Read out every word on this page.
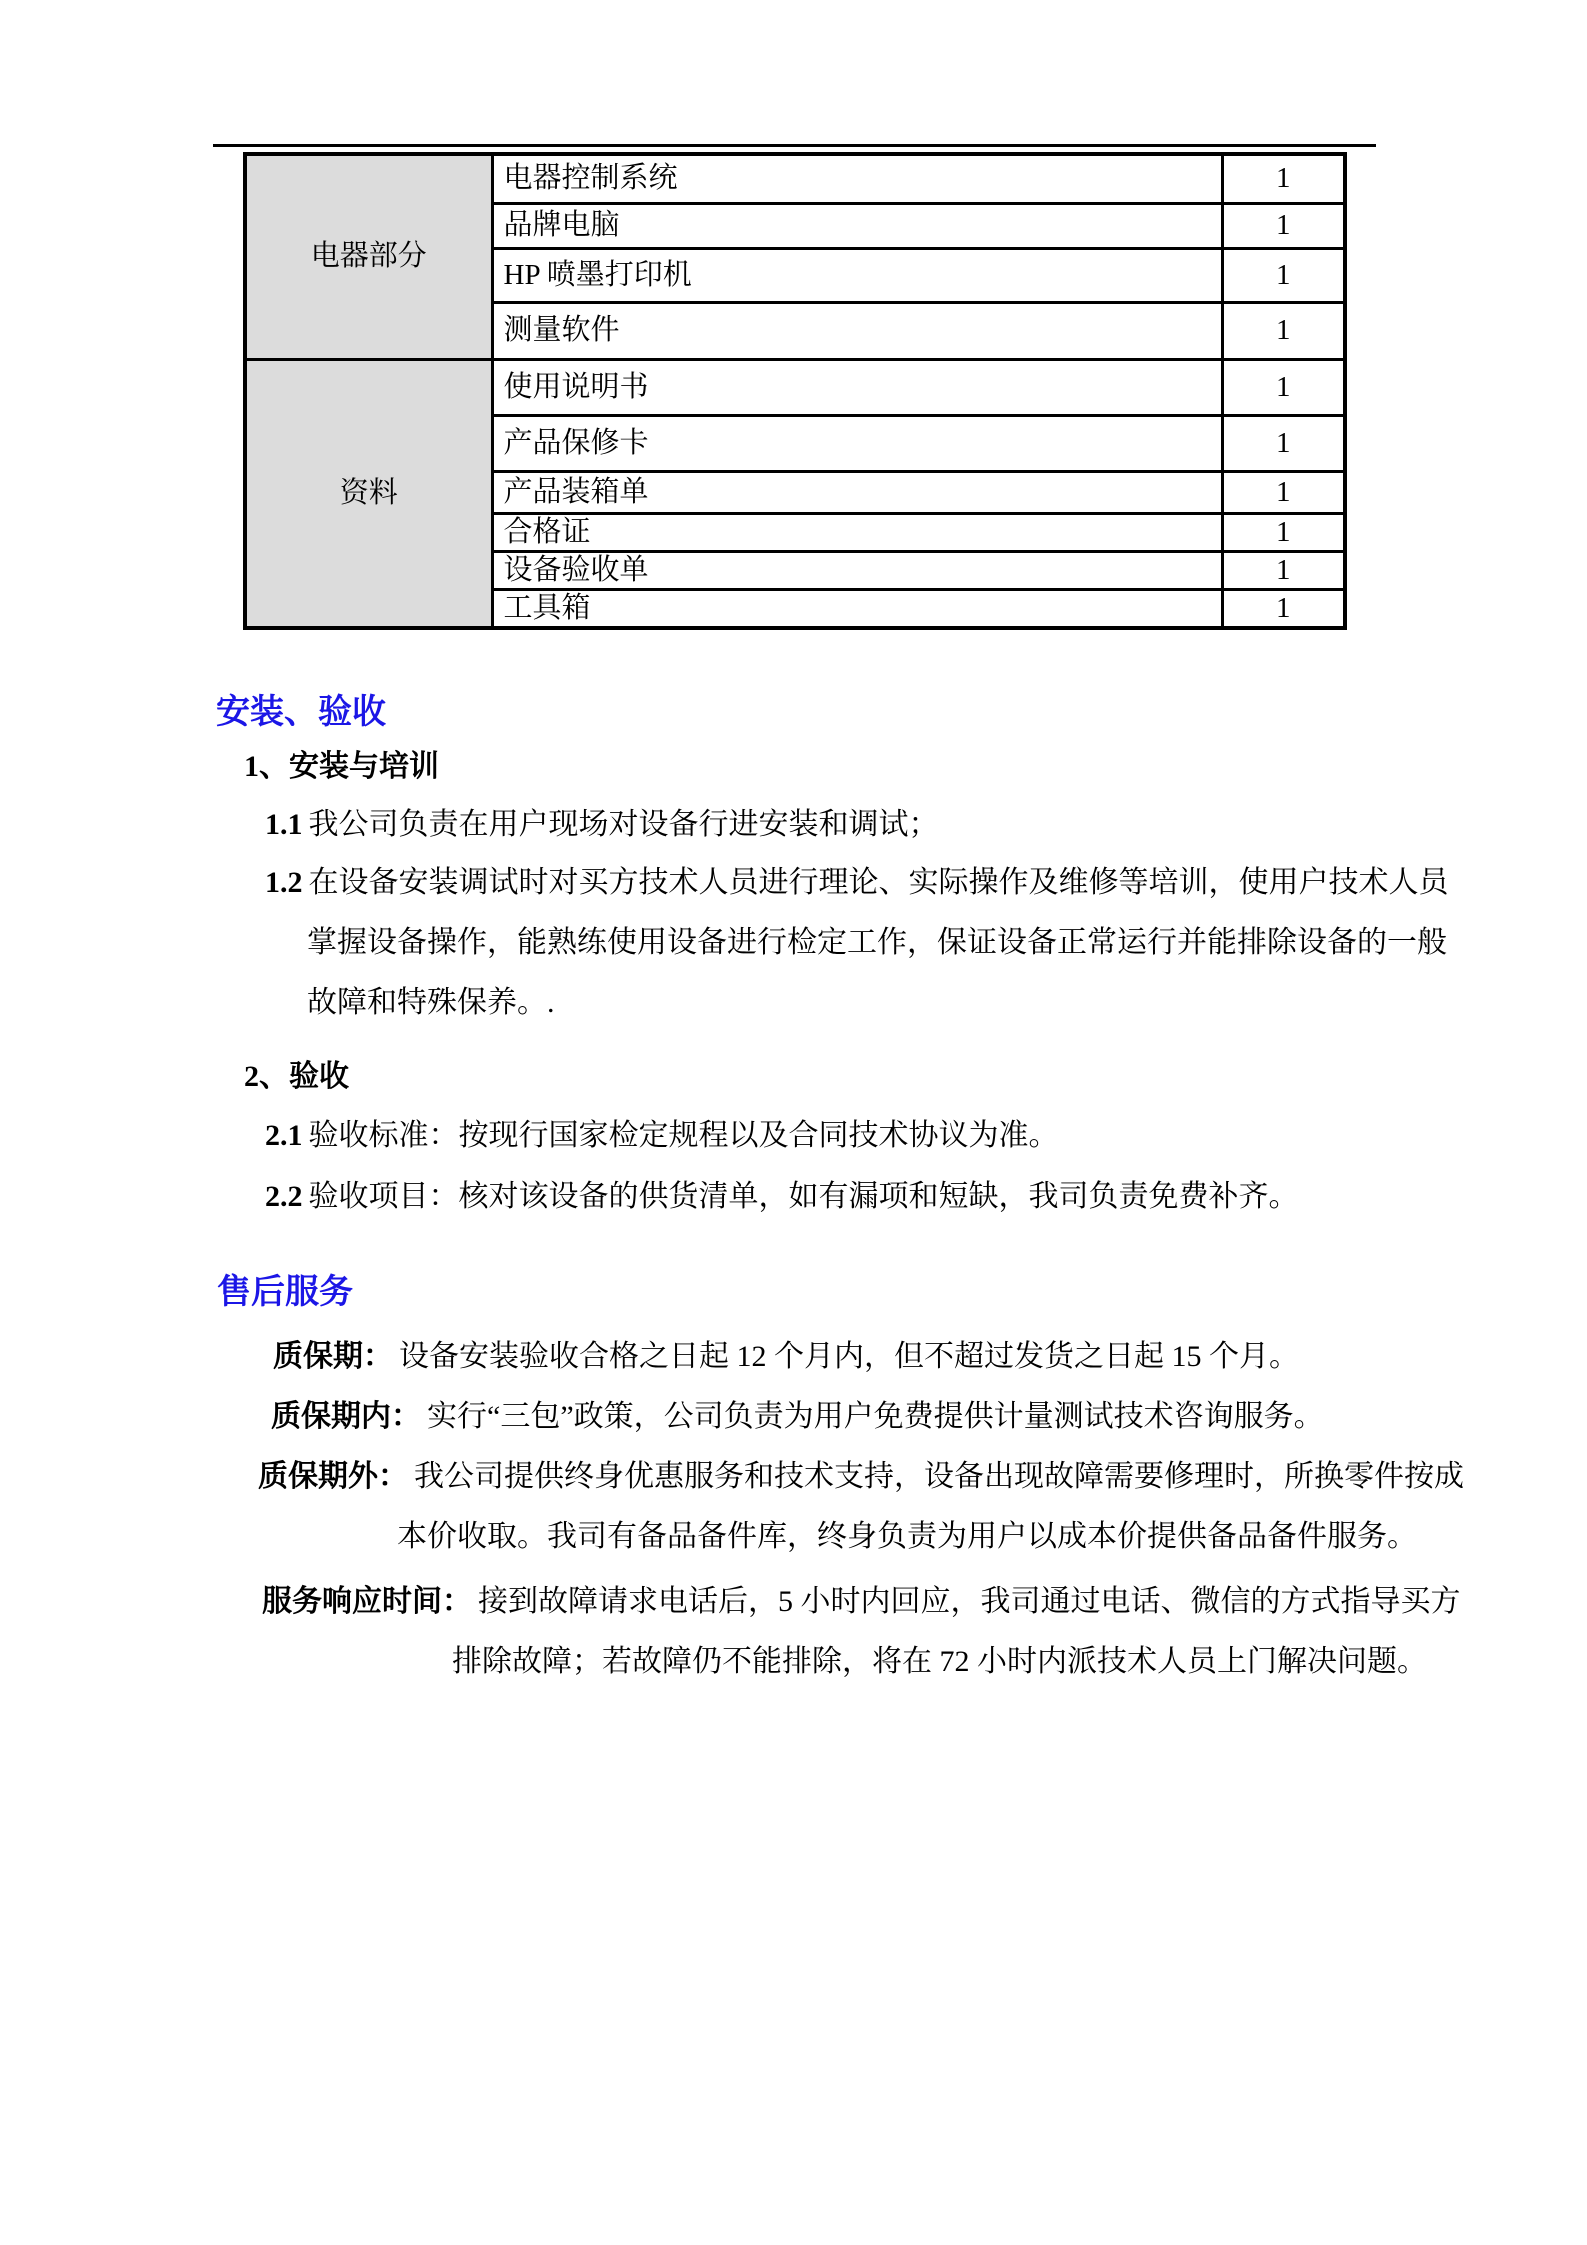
电器部分	电器控制系统	1
	品牌电脑	1
	HP 喷墨打印机	1
	测量软件	1
资料	使用说明书	1
	产品保修卡	1
	产品装箱单	1
	合格证	1
	设备验收单	1
	工具箱	1
安装、验收
1、安装与培训
1.1 我公司负责在用户现场对设备行进安装和调试；
1.2 在设备安装调试时对买方技术人员进行理论、实际操作及维修等培训，使用户技术人员
掌握设备操作，能熟练使用设备进行检定工作，保证设备正常运行并能排除设备的一般
故障和特殊保养。.
2、验收
2.1 验收标准：按现行国家检定规程以及合同技术协议为准。
2.2 验收项目：核对该设备的供货清单，如有漏项和短缺，我司负责免费补齐。
售后服务
质保期： 设备安装验收合格之日起 12 个月内，但不超过发货之日起 15 个月。
质保期内： 实行“三包”政策，公司负责为用户免费提供计量测试技术咨询服务。
质保期外： 我公司提供终身优惠服务和技术支持，设备出现故障需要修理时，所换零件按成
本价收取。我司有备品备件库，终身负责为用户以成本价提供备品备件服务。
服务响应时间： 接到故障请求电话后，5 小时内回应，我司通过电话、微信的方式指导买方
排除故障；若故障仍不能排除，将在 72 小时内派技术人员上门解决问题。
